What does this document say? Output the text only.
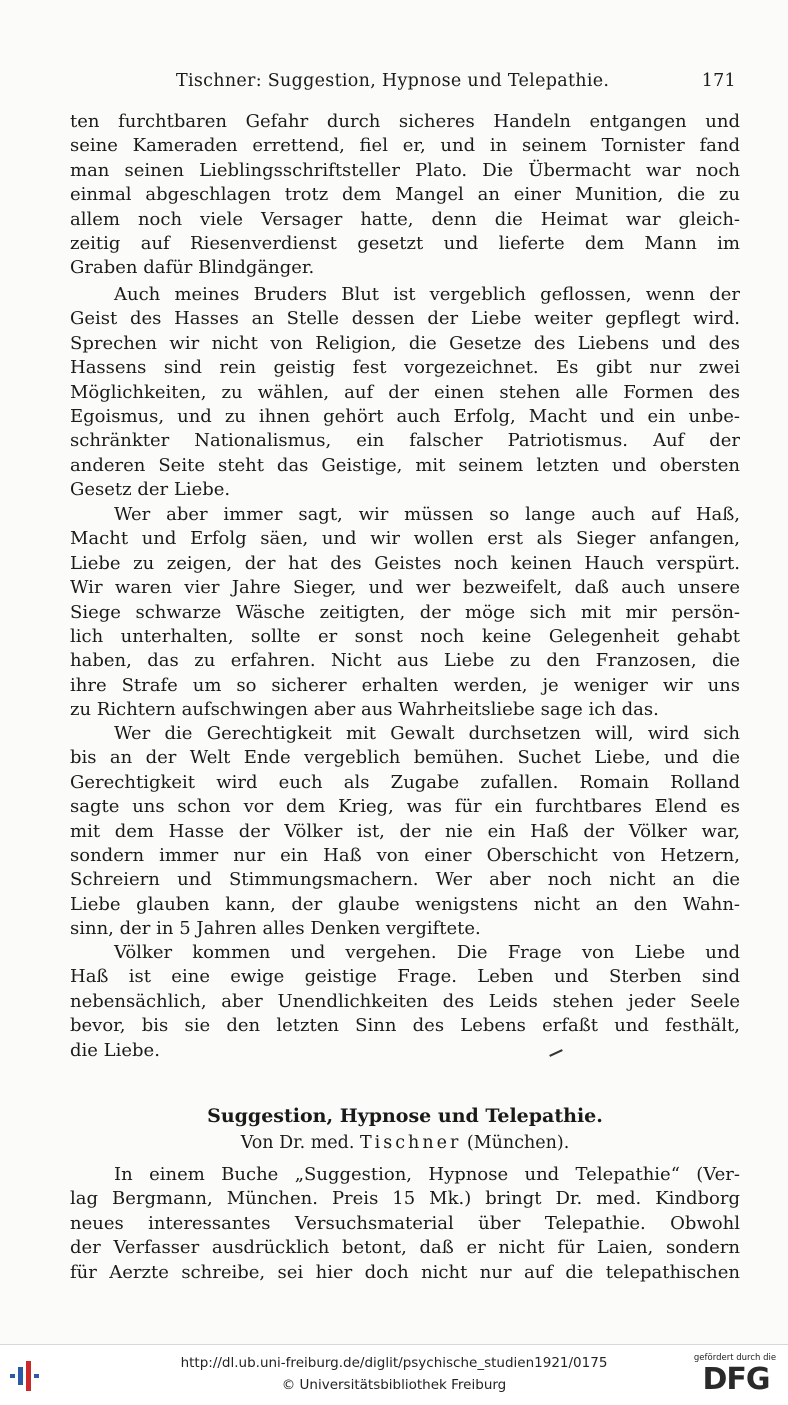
Tischner: Suggestion, Hypnose und Telepathie.	171

ten furchtbaren Gefahr durch sicheres Handeln entgangen und
seine Kameraden errettend, fiel er, und in seinem Tornister fand
man seinen Lieblingsschriftsteller Plato. Die Übermacht war noch
einmal abgeschlagen trotz dem Mangel an einer Munition, die zu
allem noch viele Versager hatte, denn die Heimat war gleich-
zeitig auf Riesenverdienst gesetzt und lieferte dem Mann im
Graben dafür Blindgänger.

Auch meines Bruders Blut ist vergeblich geflossen, wenn der
Geist des Hasses an Stelle dessen der Liebe weiter gepflegt wird.
Sprechen wir nicht von Religion, die Gesetze des Liebens und des
Hassens sind rein geistig fest vorgezeichnet. Es gibt nur zwei
Möglichkeiten, zu wählen, auf der einen stehen alle Formen des
Egoismus, und zu ihnen gehört auch Erfolg, Macht und ein unbe-
schränkter Nationalismus, ein falscher Patriotismus. Auf der
anderen Seite steht das Geistige, mit seinem letzten und obersten
Gesetz der Liebe.

Wer aber immer sagt, wir müssen so lange auch auf Haß,
Macht und Erfolg säen, und wir wollen erst als Sieger anfangen,
Liebe zu zeigen, der hat des Geistes noch keinen Hauch verspürt.
Wir waren vier Jahre Sieger, und wer bezweifelt, daß auch unsere
Siege schwarze Wäsche zeitigten, der möge sich mit mir persön-
lich unterhalten, sollte er sonst noch keine Gelegenheit gehabt
haben, das zu erfahren. Nicht aus Liebe zu den Franzosen, die
ihre Strafe um so sicherer erhalten werden, je weniger wir uns
zu Richtern aufschwingen aber aus Wahrheitsliebe sage ich das.

Wer die Gerechtigkeit mit Gewalt durchsetzen will, wird sich
bis an der Welt Ende vergeblich bemühen. Suchet Liebe, und die
Gerechtigkeit wird euch als Zugabe zufallen. Romain Rolland
sagte uns schon vor dem Krieg, was für ein furchtbares Elend es
mit dem Hasse der Völker ist, der nie ein Haß der Völker war,
sondern immer nur ein Haß von einer Oberschicht von Hetzern,
Schreiern und Stimmungsmachern. Wer aber noch nicht an die
Liebe glauben kann, der glaube wenigstens nicht an den Wahn-
sinn, der in 5 Jahren alles Denken vergiftete.

Völker kommen und vergehen. Die Frage von Liebe und
Haß ist eine ewige geistige Frage. Leben und Sterben sind
nebensächlich, aber Unendlichkeiten des Leids stehen jeder Seele
bevor, bis sie den letzten Sinn des Lebens erfaßt und festhält,
die Liebe.

Suggestion, Hypnose und Telepathie.
Von Dr. med. Tischner (München).

In einem Buche „Suggestion, Hypnose und Telepathie“ (Ver-
lag Bergmann, München. Preis 15 Mk.) bringt Dr. med. Kindborg
neues interessantes Versuchsmaterial über Telepathie. Obwohl
der Verfasser ausdrücklich betont, daß er nicht für Laien, sondern
für Aerzte schreibe, sei hier doch nicht nur auf die telepathischen

http://dl.ub.uni-freiburg.de/diglit/psychische_studien1921/0175
© Universitätsbibliothek Freiburg
gefördert durch die
DFG
